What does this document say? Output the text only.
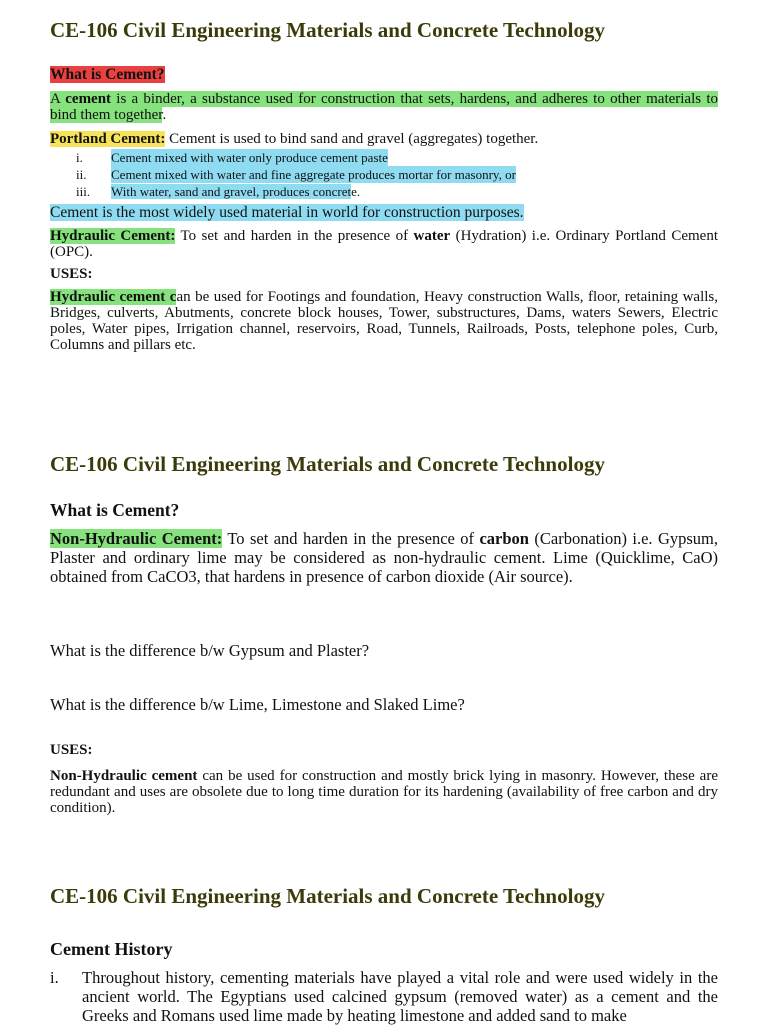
CE-106 Civil Engineering Materials and Concrete Technology
What is Cement?
A cement is a binder, a substance used for construction that sets, hardens, and adheres to other materials to bind them together.
Portland Cement: Cement is used to bind sand and gravel (aggregates) together.
i.	Cement mixed with water only produce cement paste
ii.	Cement mixed with water and fine aggregate produces mortar for masonry, or
iii.	With water, sand and gravel, produces concrete.
Cement is the most widely used material in world for construction purposes.
Hydraulic Cement: To set and harden in the presence of water (Hydration) i.e. Ordinary Portland Cement (OPC).
USES:
Hydraulic cement can be used for Footings and foundation, Heavy construction Walls, floor, retaining walls, Bridges, culverts, Abutments, concrete block houses, Tower, substructures, Dams, waters Sewers, Electric poles, Water pipes, Irrigation channel, reservoirs, Road, Tunnels, Railroads, Posts, telephone poles, Curb, Columns and pillars etc.
CE-106 Civil Engineering Materials and Concrete Technology
What is Cement?
Non-Hydraulic Cement: To set and harden in the presence of carbon (Carbonation) i.e. Gypsum, Plaster and ordinary lime may be considered as non-hydraulic cement. Lime (Quicklime, CaO) obtained from CaCO3, that hardens in presence of carbon dioxide (Air source).
What is the difference b/w Gypsum and Plaster?
What is the difference b/w Lime, Limestone and Slaked Lime?
USES:
Non-Hydraulic cement can be used for construction and mostly brick lying in masonry. However, these are redundant and uses are obsolete due to long time duration for its hardening (availability of free carbon and dry condition).
CE-106 Civil Engineering Materials and Concrete Technology
Cement History
i. Throughout history, cementing materials have played a vital role and were used widely in the ancient world. The Egyptians used calcined gypsum (removed water) as a cement and the Greeks and Romans used lime made by heating limestone and added sand to make
